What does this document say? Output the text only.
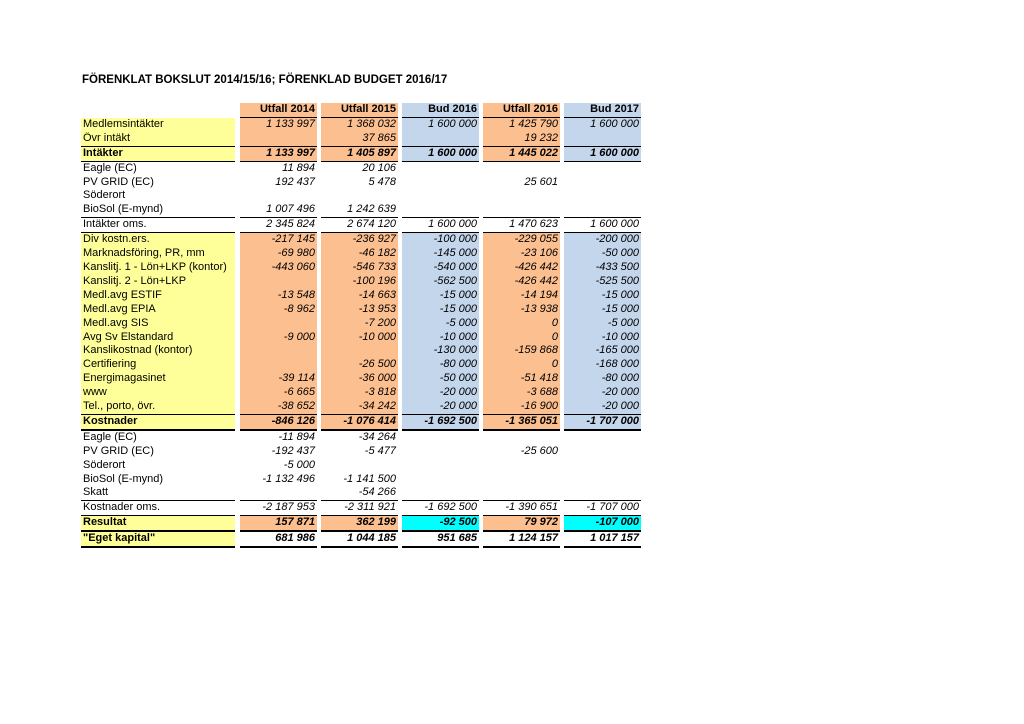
FÖRENKLAT BOKSLUT 2014/15/16; FÖRENKLAD BUDGET 2016/17
		Utfall 2014		Utfall 2015		Bud 2016		Utfall 2016		Bud 2017
Medlemsintäkter		1 133 997		1 368 032		1 600 000		1 425 790		1 600 000
Övr intäkt				37 865				19 232		
Intäkter		1 133 997		1 405 897		1 600 000		1 445 022		1 600 000
Eagle (EC)		11 894		20 106						
PV GRID (EC)		192 437		5 478				25 601		
Söderort										
BioSol (E-mynd)		1 007 496		1 242 639						
Intäkter oms.		2 345 824		2 674 120		1 600 000		1 470 623		1 600 000
Div kostn.ers.		-217 145		-236 927		-100 000		-229 055		-200 000
Marknadsföring, PR, mm		-69 980		-46 182		-145 000		-23 106		-50 000
Kanslitj. 1 - Lön+LKP (kontor)		-443 060		-546 733		-540 000		-426 442		-433 500
Kanslitj. 2 - Lön+LKP				-100 196		-562 500		-426 442		-525 500
Medl.avg ESTIF		-13 548		-14 663		-15 000		-14 194		-15 000
Medl.avg EPIA		-8 962		-13 953		-15 000		-13 938		-15 000
Medl.avg SIS				-7 200		-5 000		0		-5 000
Avg Sv Elstandard		-9 000		-10 000		-10 000		0		-10 000
Kanslikostnad (kontor)						-130 000		-159 868		-165 000
Certifiering				-26 500		-80 000		0		-168 000
Energimagasinet		-39 114		-36 000		-50 000		-51 418		-80 000
www		-6 665		-3 818		-20 000		-3 688		-20 000
Tel., porto, övr.		-38 652		-34 242		-20 000		-16 900		-20 000
Kostnader		-846 126		-1 076 414		-1 692 500		-1 365 051		-1 707 000
Eagle (EC)		-11 894		-34 264						
PV GRID (EC)		-192 437		-5 477				-25 600		
Söderort		-5 000								
BioSol (E-mynd)		-1 132 496		-1 141 500						
Skatt				-54 266						
Kostnader oms.		-2 187 953		-2 311 921		-1 692 500		-1 390 651		-1 707 000
Resultat		157 871		362 199		-92 500		79 972		-107 000
"Eget kapital"		681 986		1 044 185		951 685		1 124 157		1 017 157
